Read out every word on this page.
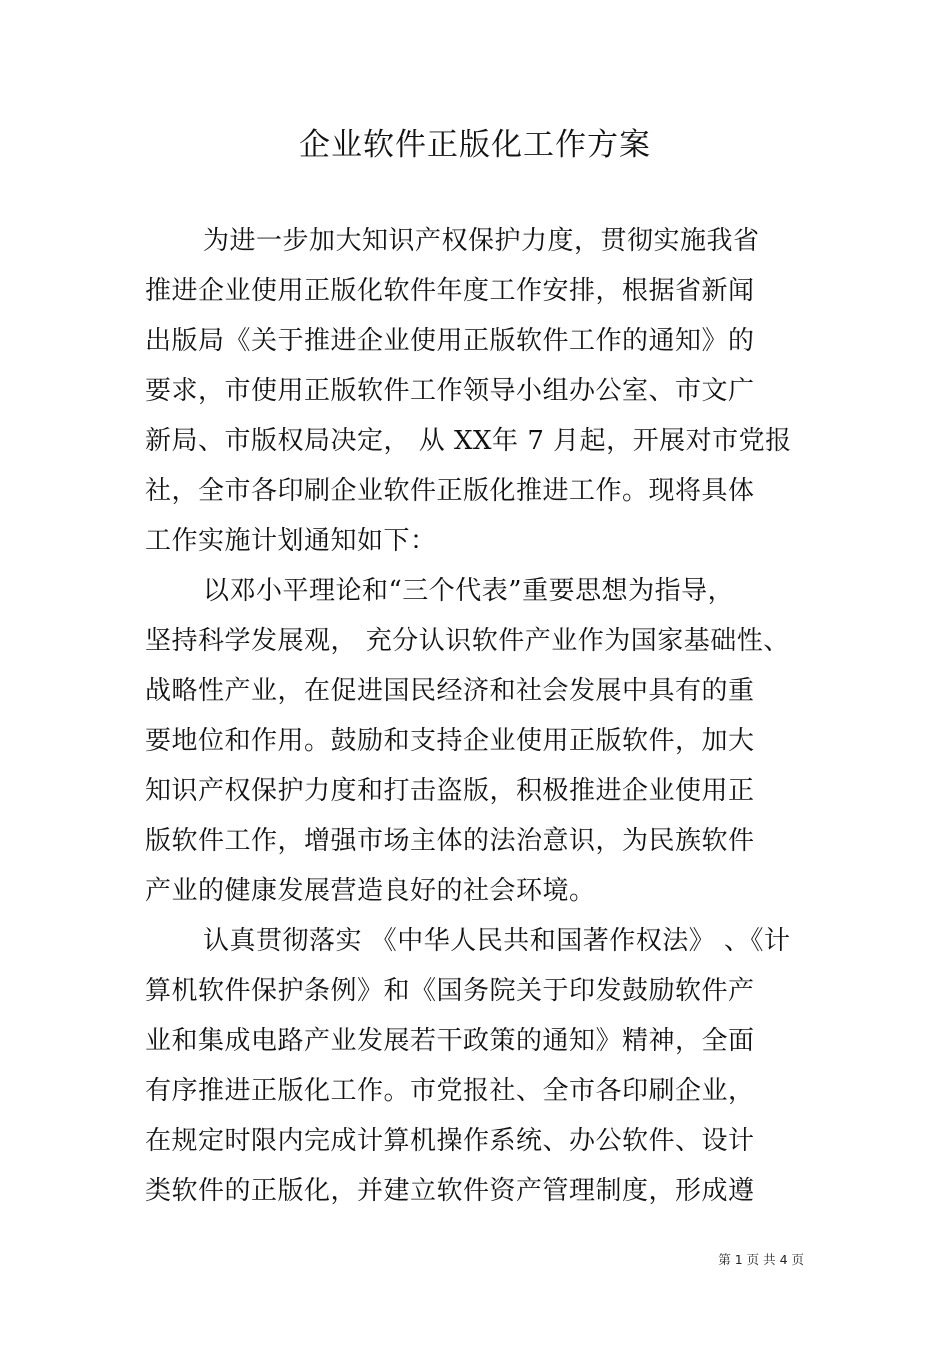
企业软件正版化工作方案
为进一步加大知识产权保护力度，贯彻实施我省
推进企业使用正版化软件年度工作安排，根据省新闻
出版局《关于推进企业使用正版软件工作的通知》的
要求，市使用正版软件工作领导小组办公室、市文广
新局、市版权局决定， 从 XX年 7 月起，开展对市党报
社，全市各印刷企业软件正版化推进工作。现将具体
工作实施计划通知如下：
以邓小平理论和“三个代表”重要思想为指导，
坚持科学发展观， 充分认识软件产业作为国家基础性、
战略性产业，在促进国民经济和社会发展中具有的重
要地位和作用。鼓励和支持企业使用正版软件，加大
知识产权保护力度和打击盗版，积极推进企业使用正
版软件工作，增强市场主体的法治意识，为民族软件
产业的健康发展营造良好的社会环境。
认真贯彻落实 《中华人民共和国著作权法》 、《计
算机软件保护条例》和《国务院关于印发鼓励软件产
业和集成电路产业发展若干政策的通知》精神，全面
有序推进正版化工作。市党报社、全市各印刷企业，
在规定时限内完成计算机操作系统、办公软件、设计
类软件的正版化，并建立软件资产管理制度，形成遵
第 1 页 共 4 页
